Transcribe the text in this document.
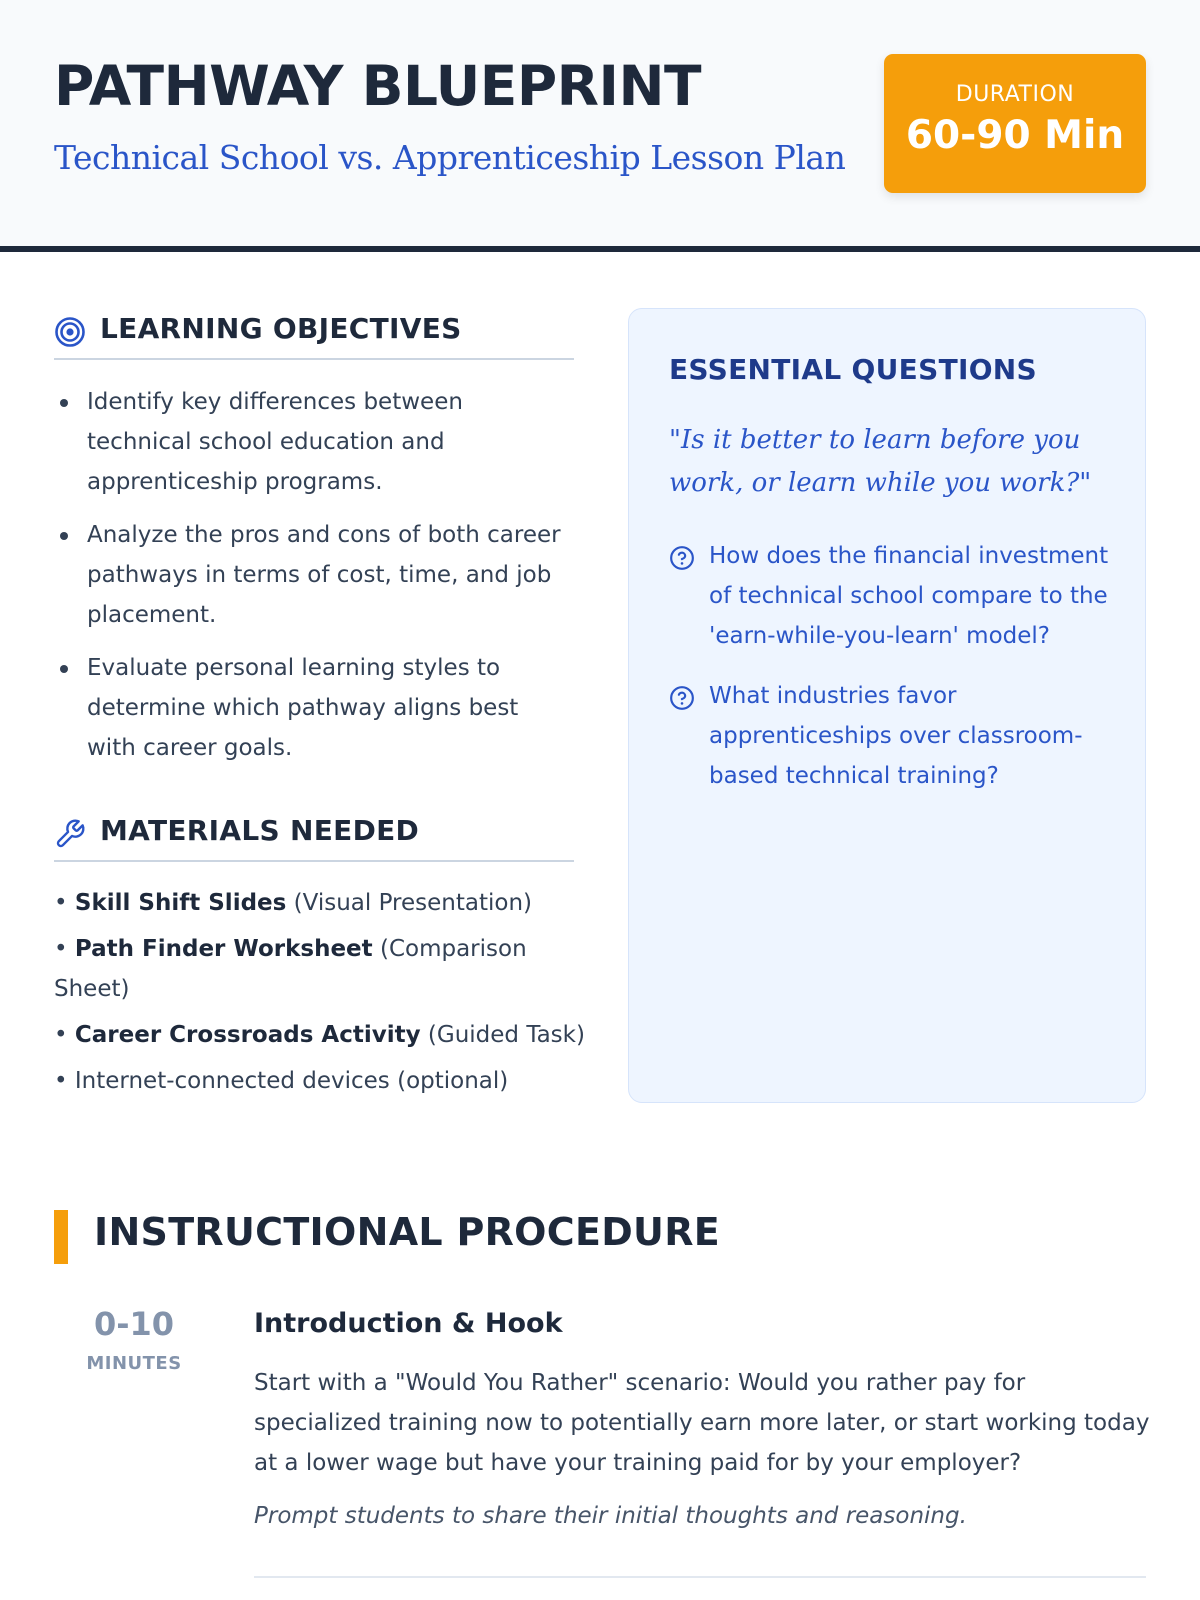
PATHWAY BLUEPRINT
Technical School vs. Apprenticeship Lesson Plan
DURATION
60-90 Min
LEARNING OBJECTIVES
Identify key differences between technical school education and apprenticeship programs.
Analyze the pros and cons of both career pathways in terms of cost, time, and job placement.
Evaluate personal learning styles to determine which pathway aligns best with career goals.
MATERIALS NEEDED
• Skill Shift Slides (Visual Presentation)
• Path Finder Worksheet (Comparison Sheet)
• Career Crossroads Activity (Guided Task)
• Internet-connected devices (optional)
ESSENTIAL QUESTIONS
"Is it better to learn before you work, or learn while you work?"
How does the financial investment of technical school compare to the 'earn-while-you-learn' model?
What industries favor apprenticeships over classroom-based technical training?
INSTRUCTIONAL PROCEDURE
0-10
MINUTES
Introduction & Hook
Start with a "Would You Rather" scenario: Would you rather pay for specialized training now to potentially earn more later, or start working today at a lower wage but have your training paid for by your employer?
Prompt students to share their initial thoughts and reasoning.
